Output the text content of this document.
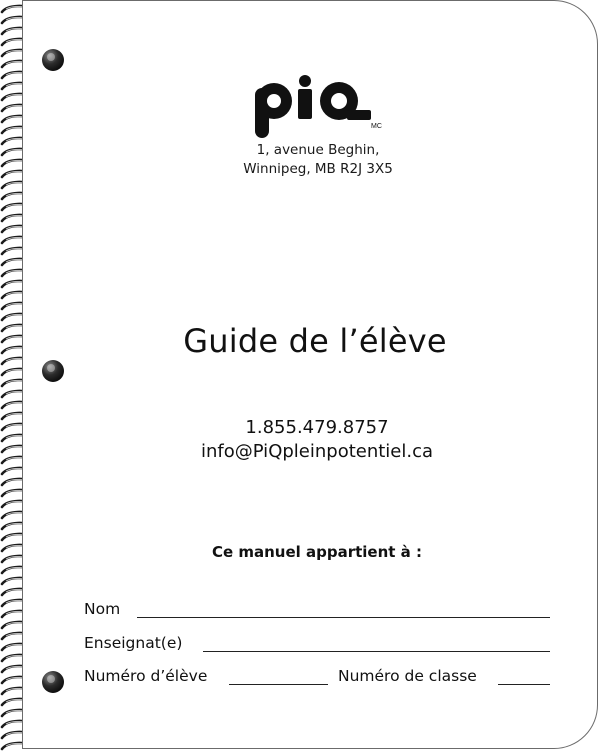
MC
1, avenue Beghin,
Winnipeg, MB R2J 3X5
Guide de l’élève
1.855.479.8757
info@PiQpleinpotentiel.ca
Ce manuel appartient à :
Nom
Enseignat(e)
Numéro d’élève	Numéro de classe
